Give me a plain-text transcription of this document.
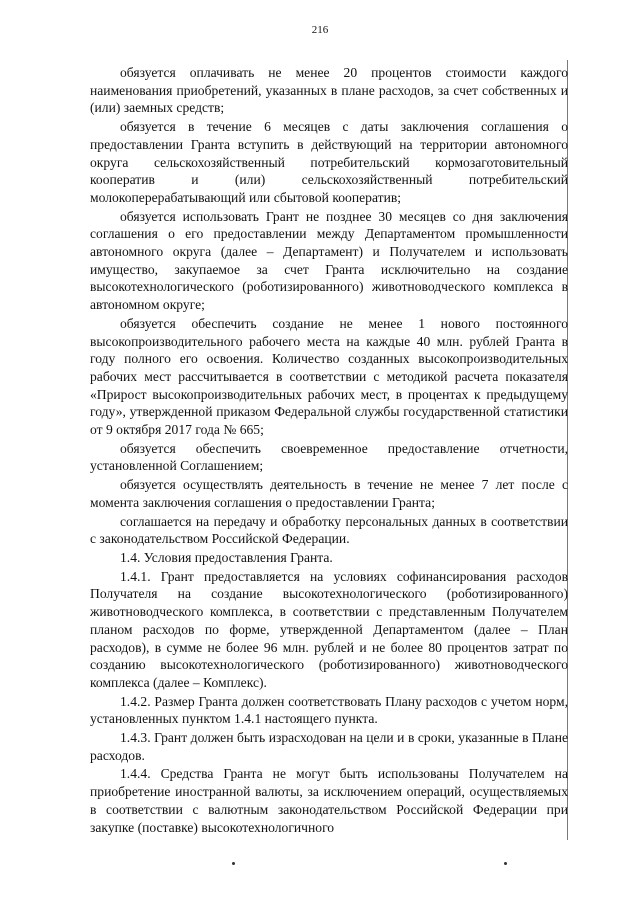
216

обязуется оплачивать не менее 20 процентов стоимости каждого наименования приобретений, указанных в плане расходов, за счет собственных и (или) заемных средств;

обязуется в течение 6 месяцев с даты заключения соглашения о предоставлении Гранта вступить в действующий на территории автономного округа сельскохозяйственный потребительский кормозаготовительный кооператив и (или) сельскохозяйственный потребительский молокоперерабатывающий или сбытовой кооператив;

обязуется использовать Грант не позднее 30 месяцев со дня заключения соглашения о его предоставлении между Департаментом промышленности автономного округа (далее – Департамент) и Получателем и использовать имущество, закупаемое за счет Гранта исключительно на создание высокотехнологического (роботизированного) животноводческого комплекса в автономном округе;

обязуется обеспечить создание не менее 1 нового постоянного высокопроизводительного рабочего места на каждые 40 млн. рублей Гранта в году полного его освоения. Количество созданных высокопроизводительных рабочих мест рассчитывается в соответствии с методикой расчета показателя «Прирост высокопроизводительных рабочих мест, в процентах к предыдущему году», утвержденной приказом Федеральной службы государственной статистики от 9 октября 2017 года № 665;

обязуется обеспечить своевременное предоставление отчетности, установленной Соглашением;

обязуется осуществлять деятельность в течение не менее 7 лет после с момента заключения соглашения о предоставлении Гранта;

соглашается на передачу и обработку персональных данных в соответствии с законодательством Российской Федерации.

1.4. Условия предоставления Гранта.

1.4.1. Грант предоставляется на условиях софинансирования расходов Получателя на создание высокотехнологического (роботизированного) животноводческого комплекса, в соответствии с представленным Получателем планом расходов по форме, утвержденной Департаментом (далее – План расходов), в сумме не более 96 млн. рублей и не более 80 процентов затрат по созданию высокотехнологического (роботизированного) животноводческого комплекса (далее – Комплекс).

1.4.2. Размер Гранта должен соответствовать Плану расходов с учетом норм, установленных пунктом 1.4.1 настоящего пункта.

1.4.3. Грант должен быть израсходован на цели и в сроки, указанные в Плане расходов.

1.4.4. Средства Гранта не могут быть использованы Получателем на приобретение иностранной валюты, за исключением операций, осуществляемых в соответствии с валютным законодательством Российской Федерации при закупке (поставке) высокотехнологичного
